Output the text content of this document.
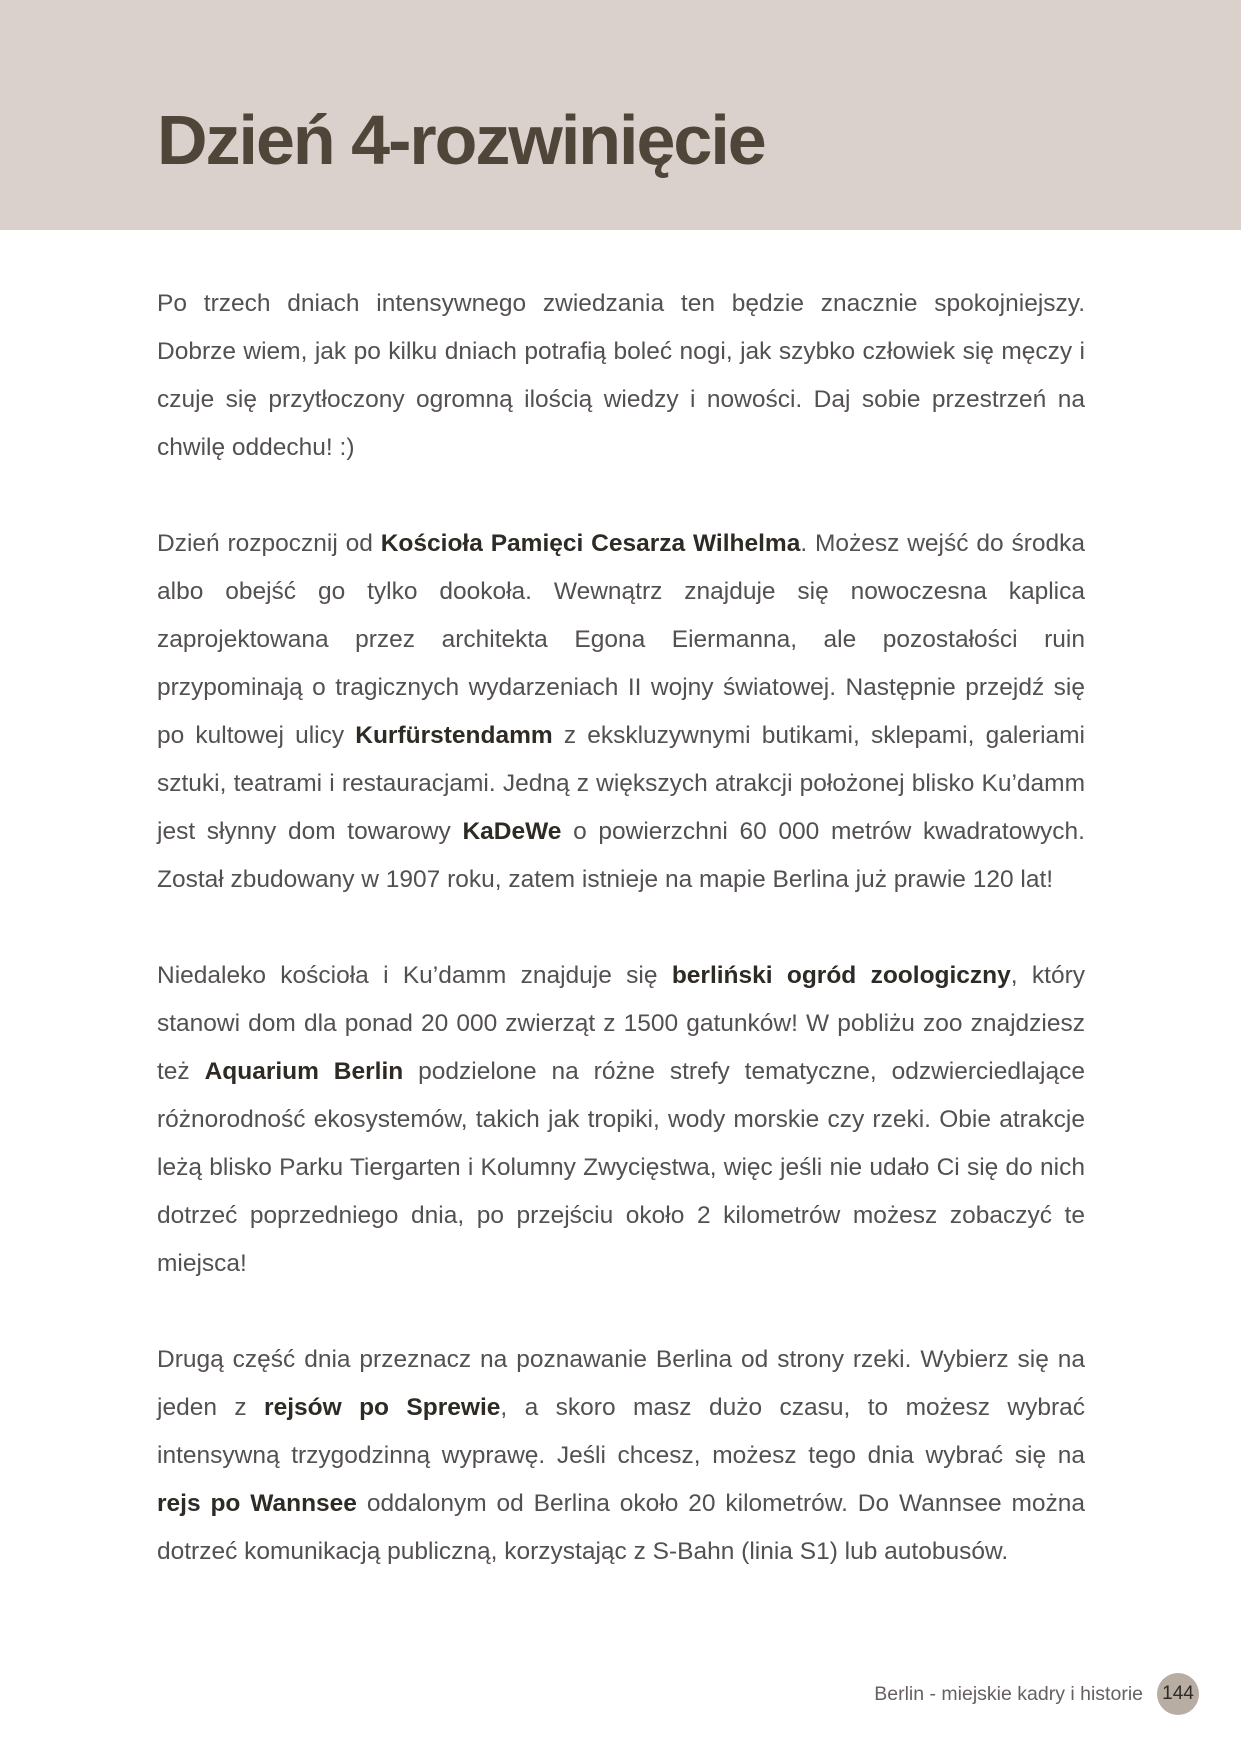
Dzień 4-rozwinięcie

Po trzech dniach intensywnego zwiedzania ten będzie znacznie spokojniejszy. Dobrze wiem, jak po kilku dniach potrafią boleć nogi, jak szybko człowiek się męczy i czuje się przytłoczony ogromną ilością wiedzy i nowości. Daj sobie przestrzeń na chwilę oddechu! :)

Dzień rozpocznij od Kościoła Pamięci Cesarza Wilhelma. Możesz wejść do środka albo obejść go tylko dookoła. Wewnątrz znajduje się nowoczesna kaplica zaprojektowana przez architekta Egona Eiermanna, ale pozostałości ruin przypominają o tragicznych wydarzeniach II wojny światowej. Następnie przejdź się po kultowej ulicy Kurfürstendamm z ekskluzywnymi butikami, sklepami, galeriami sztuki, teatrami i restauracjami. Jedną z większych atrakcji położonej blisko Ku’damm jest słynny dom towarowy KaDeWe o powierzchni 60 000 metrów kwadratowych. Został zbudowany w 1907 roku, zatem istnieje na mapie Berlina już prawie 120 lat!

Niedaleko kościoła i Ku’damm znajduje się berliński ogród zoologiczny, który stanowi dom dla ponad 20 000 zwierząt z 1500 gatunków! W pobliżu zoo znajdziesz też Aquarium Berlin podzielone na różne strefy tematyczne, odzwierciedlające różnorodność ekosystemów, takich jak tropiki, wody morskie czy rzeki. Obie atrakcje leżą blisko Parku Tiergarten i Kolumny Zwycięstwa, więc jeśli nie udało Ci się do nich dotrzeć poprzedniego dnia, po przejściu około 2 kilometrów możesz zobaczyć te miejsca!

Drugą część dnia przeznacz na poznawanie Berlina od strony rzeki. Wybierz się na jeden z rejsów po Sprewie, a skoro masz dużo czasu, to możesz wybrać intensywną trzygodzinną wyprawę. Jeśli chcesz, możesz tego dnia wybrać się na rejs po Wannsee oddalonym od Berlina około 20 kilometrów. Do Wannsee można dotrzeć komunikacją publiczną, korzystając z S-Bahn (linia S1) lub autobusów.

Berlin - miejskie kadry i historie 144
